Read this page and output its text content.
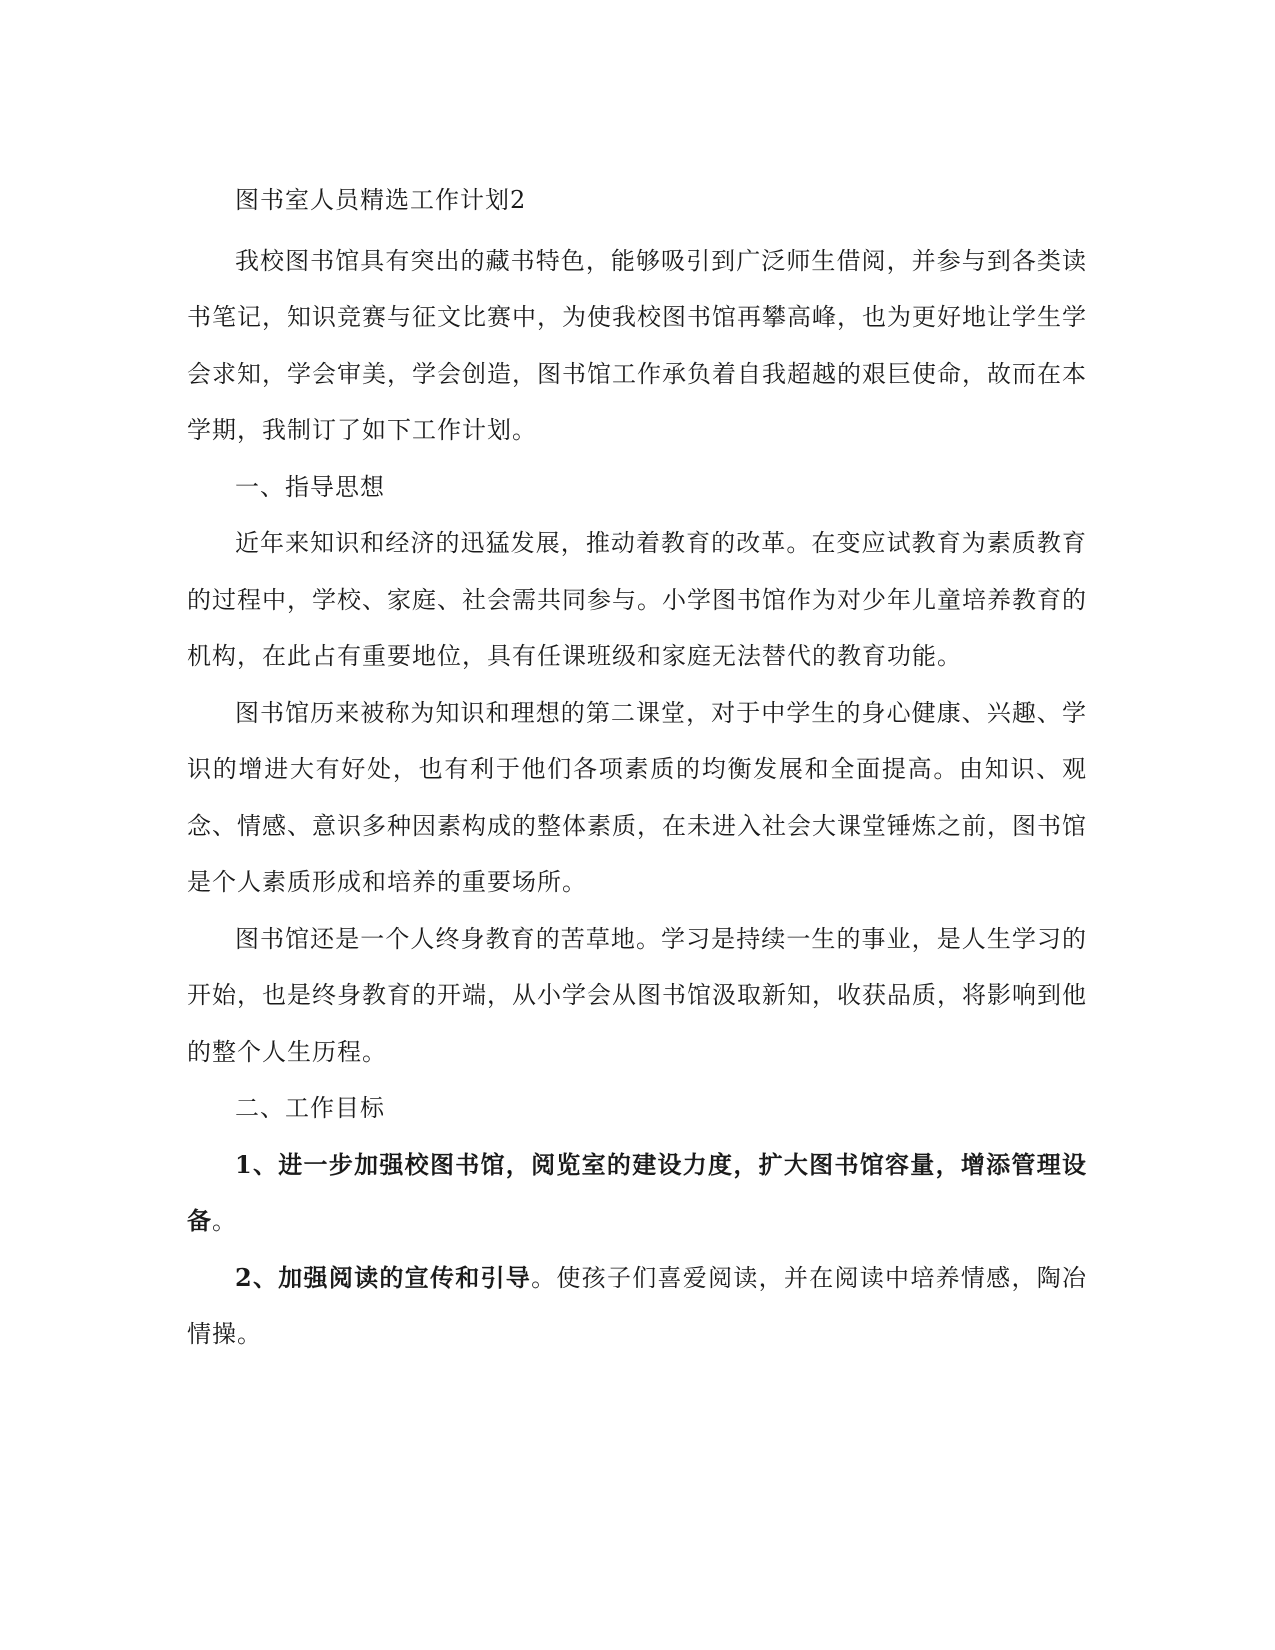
图书室人员精选工作计划2

我校图书馆具有突出的藏书特色，能够吸引到广泛师生借阅，并参与到各类读书笔记，知识竞赛与征文比赛中，为使我校图书馆再攀高峰，也为更好地让学生学会求知，学会审美，学会创造，图书馆工作承负着自我超越的艰巨使命，故而在本学期，我制订了如下工作计划。

一、指导思想

近年来知识和经济的迅猛发展，推动着教育的改革。在变应试教育为素质教育的过程中，学校、家庭、社会需共同参与。小学图书馆作为对少年儿童培养教育的机构，在此占有重要地位，具有任课班级和家庭无法替代的教育功能。

图书馆历来被称为知识和理想的第二课堂，对于中学生的身心健康、兴趣、学识的增进大有好处，也有利于他们各项素质的均衡发展和全面提高。由知识、观念、情感、意识多种因素构成的整体素质，在未进入社会大课堂锤炼之前，图书馆是个人素质形成和培养的重要场所。

图书馆还是一个人终身教育的苦草地。学习是持续一生的事业，是人生学习的开始，也是终身教育的开端，从小学会从图书馆汲取新知，收获品质，将影响到他的整个人生历程。

二、工作目标

1、进一步加强校图书馆，阅览室的建设力度，扩大图书馆容量，增添管理设备。

2、加强阅读的宣传和引导。使孩子们喜爱阅读，并在阅读中培养情感，陶冶情操。
